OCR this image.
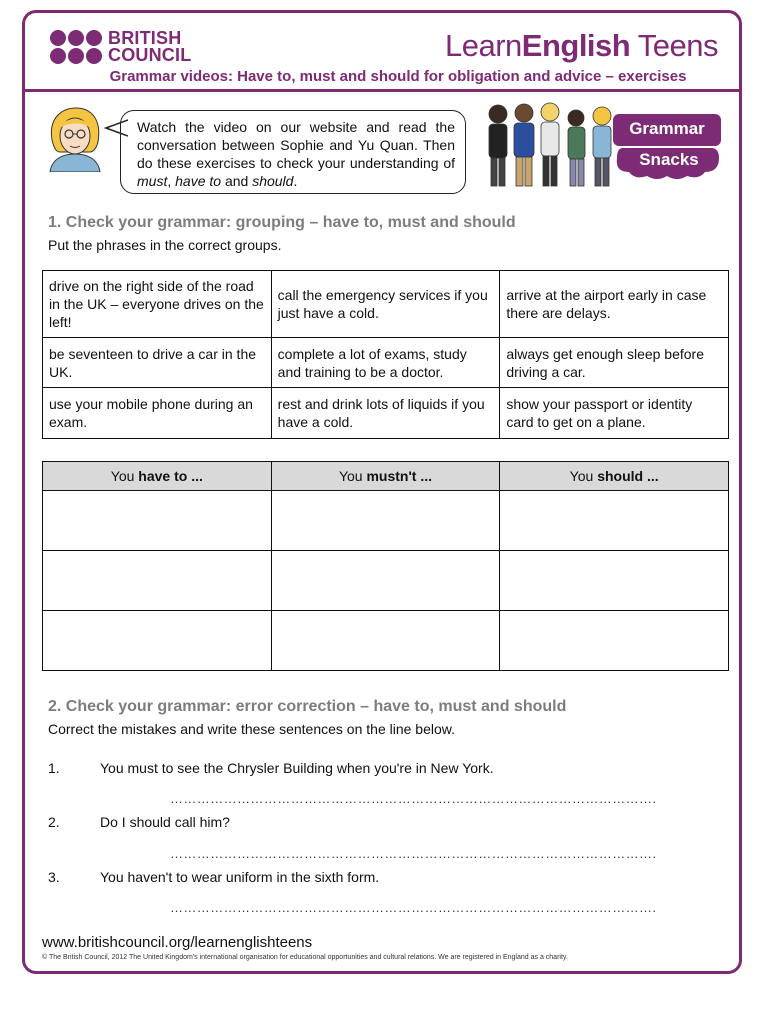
BRITISH
COUNCIL	LearnEnglish Teens
Grammar videos: Have to, must and should for obligation and advice – exercises
Watch the video on our website and read the conversation between Sophie and Yu Quan. Then do these exercises to check your understanding of must, have to and should.
Grammar
Snacks
1. Check your grammar: grouping – have to, must and should
Put the phrases in the correct groups.
drive on the right side of the road in the UK – everyone drives on the left!	call the emergency services if you just have a cold.	arrive at the airport early in case there are delays.
be seventeen to drive a car in the UK.	complete a lot of exams, study and training to be a doctor.	always get enough sleep before driving a car.
use your mobile phone during an exam.	rest and drink lots of liquids if you have a cold.	show your passport or identity card to get on a plane.
You have to ...	You mustn't ...	You should ...

2. Check your grammar: error correction – have to, must and should
Correct the mistakes and write these sentences on the line below.
1.	You must to see the Chrysler Building when you're in New York.
……………………………………………………………………………………………….
2.	Do I should call him?
……………………………………………………………………………………………….
3.	You haven't to wear uniform in the sixth form.
……………………………………………………………………………………………….
www.britishcouncil.org/learnenglishteens
© The British Council, 2012 The United Kingdom's international organisation for educational opportunities and cultural relations. We are registered in England as a charity.
